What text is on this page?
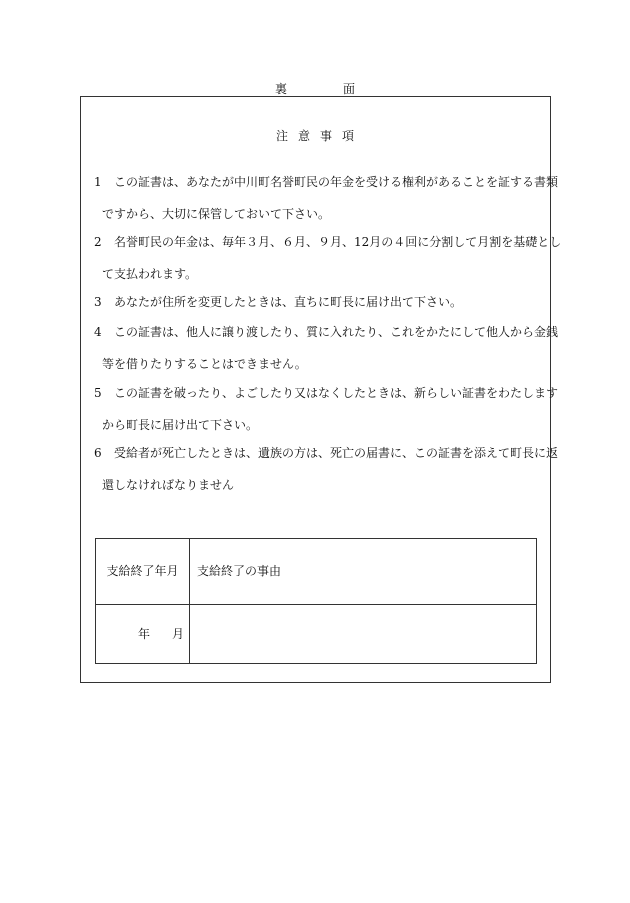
裏	面
注 意 事 項
1 この証書は、あなたが中川町名誉町民の年金を受ける権利があることを証する書類
ですから、大切に保管しておいて下さい。
2 名誉町民の年金は、毎年３月、６月、９月、12月の４回に分割して月割を基礎とし
て支払われます。
3 あなたが住所を変更したときは、直ちに町長に届け出て下さい。
4 この証書は、他人に譲り渡したり、質に入れたり、これをかたにして他人から金銭
等を借りたりすることはできません。
5 この証書を破ったり、よごしたり又はなくしたときは、新らしい証書をわたします
から町長に届け出て下さい。
6 受給者が死亡したときは、遺族の方は、死亡の届書に、この証書を添えて町長に返
還しなければなりません
支給終了年月	支給終了の事由
年 月
